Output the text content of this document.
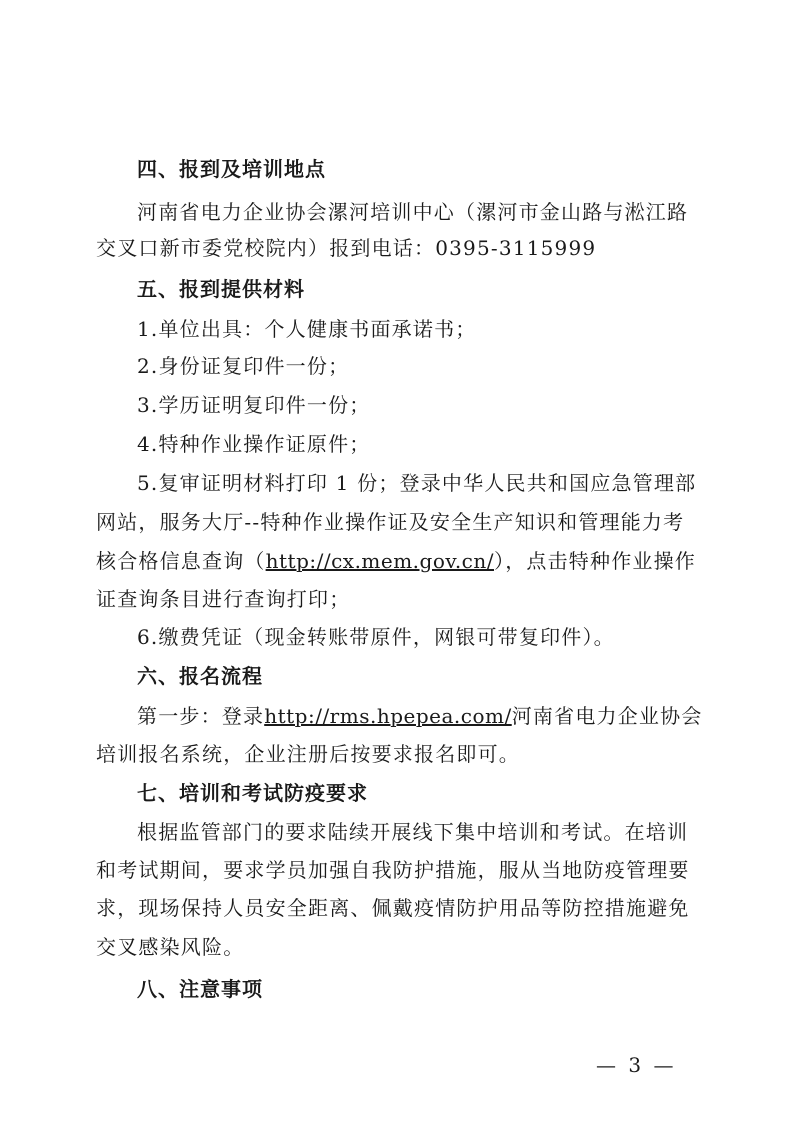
四、报到及培训地点
河南省电力企业协会漯河培训中心（漯河市金山路与淞江路
交叉口新市委党校院内）报到电话：0395-3115999
五、报到提供材料
1.单位出具：个人健康书面承诺书；
2.身份证复印件一份；
3.学历证明复印件一份；
4.特种作业操作证原件；
5.复审证明材料打印 1 份；登录中华人民共和国应急管理部
网站，服务大厅--特种作业操作证及安全生产知识和管理能力考
核合格信息查询（http://cx.mem.gov.cn/），点击特种作业操作
证查询条目进行查询打印；
6.缴费凭证（现金转账带原件，网银可带复印件）。
六、报名流程
第一步：登录http://rms.hpepea.com/河南省电力企业协会
培训报名系统，企业注册后按要求报名即可。
七、培训和考试防疫要求
根据监管部门的要求陆续开展线下集中培训和考试。在培训
和考试期间，要求学员加强自我防护措施，服从当地防疫管理要
求，现场保持人员安全距离、佩戴疫情防护用品等防控措施避免
交叉感染风险。
八、注意事项
— 3 —
